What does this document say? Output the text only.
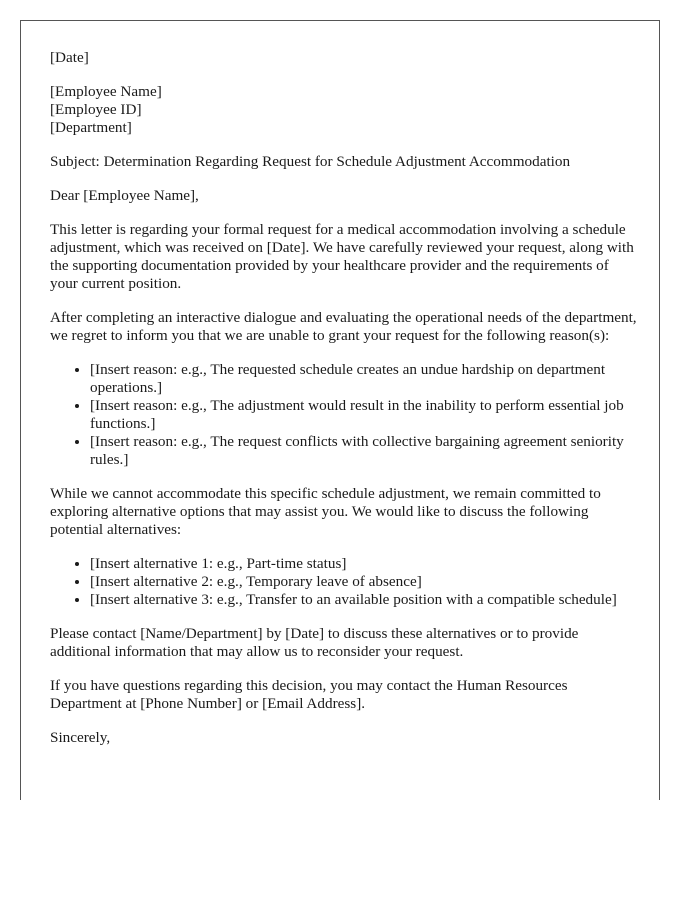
[Date]
[Employee Name]
[Employee ID]
[Department]

Subject: Determination Regarding Request for Schedule Adjustment Accommodation

Dear [Employee Name],

This letter is regarding your formal request for a medical accommodation involving a schedule adjustment, which was received on [Date]. We have carefully reviewed your request, along with the supporting documentation provided by your healthcare provider and the requirements of your current position.

After completing an interactive dialogue and evaluating the operational needs of the department, we regret to inform you that we are unable to grant your request for the following reason(s):

• [Insert reason: e.g., The requested schedule creates an undue hardship on department operations.]
• [Insert reason: e.g., The adjustment would result in the inability to perform essential job functions.]
• [Insert reason: e.g., The request conflicts with collective bargaining agreement seniority rules.]

While we cannot accommodate this specific schedule adjustment, we remain committed to exploring alternative options that may assist you. We would like to discuss the following potential alternatives:

• [Insert alternative 1: e.g., Part-time status]
• [Insert alternative 2: e.g., Temporary leave of absence]
• [Insert alternative 3: e.g., Transfer to an available position with a compatible schedule]

Please contact [Name/Department] by [Date] to discuss these alternatives or to provide additional information that may allow us to reconsider your request.

If you have questions regarding this decision, you may contact the Human Resources Department at [Phone Number] or [Email Address].

Sincerely,
